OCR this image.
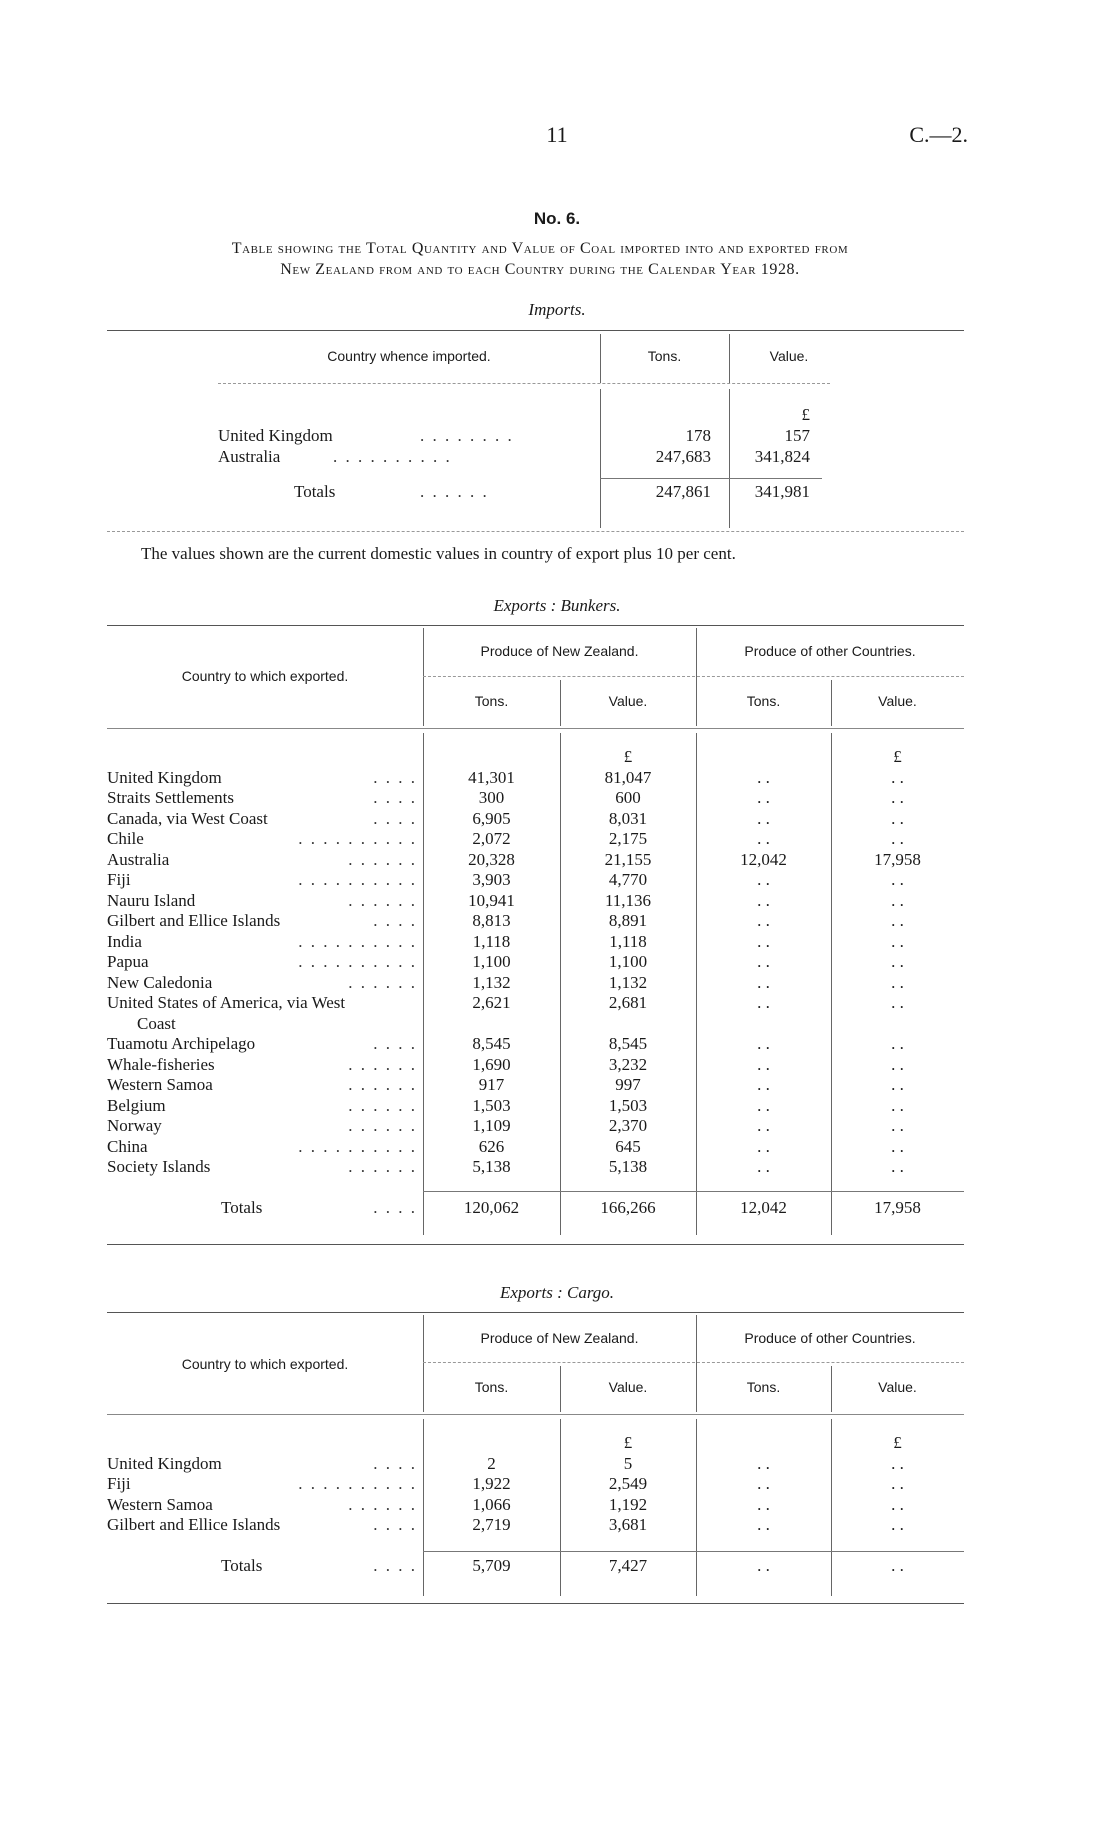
11	C.—2.
No. 6.
Table showing the Total Quantity and Value of Coal imported into and exported from
New Zealand from and to each Country during the Calendar Year 1928.
Imports.
Country whence imported.	Tons.	Value.
		£
United Kingdom . . . . . . . .	178	157
Australia . . . . . . . . . .	247,683	341,824

Totals . . . . . .	247,861	341,981
The values shown are the current domestic values in country of export plus 10 per cent.
Exports : Bunkers.
Country to which exported.
Produce of New Zealand.	Produce of other Countries.
Tons.	Value.	Tons.	Value.
		£		£
United Kingdom . . . .	41,301	81,047	. .	. .
Straits Settlements . . . .	300	600	. .	. .
Canada, via West Coast . . . .	6,905	8,031	. .	. .
Chile . . . . . . . . . .	2,072	2,175	. .	. .
Australia . . . . . .	20,328	21,155	12,042	17,958
Fiji . . . . . . . . . .	3,903	4,770	. .	. .
Nauru Island . . . . . .	10,941	11,136	. .	. .
Gilbert and Ellice Islands . . . .	8,813	8,891	. .	. .
India . . . . . . . . . .	1,118	1,118	. .	. .
Papua . . . . . . . . . .	1,100	1,100	. .	. .
New Caledonia . . . . . .	1,132	1,132	. .	. .
United States of America, via West	2,621	2,681	. .	. .
Coast				
Tuamotu Archipelago . . . .	8,545	8,545	. .	. .
Whale-fisheries . . . . . .	1,690	3,232	. .	. .
Western Samoa . . . . . .	917	997	. .	. .
Belgium . . . . . .	1,503	1,503	. .	. .
Norway . . . . . .	1,109	2,370	. .	. .
China . . . . . . . . . .	626	645	. .	. .
Society Islands . . . . . .	5,138	5,138	. .	. .

Totals . . . .	120,062	166,266	12,042	17,958
Exports : Cargo.
Country to which exported.
Produce of New Zealand.	Produce of other Countries.
Tons.	Value.	Tons.	Value.
		£		£
United Kingdom . . . .	2	5	. .	. .
Fiji . . . . . . . . . .	1,922	2,549	. .	. .
Western Samoa . . . . . .	1,066	1,192	. .	. .
Gilbert and Ellice Islands . . . .	2,719	3,681	. .	. .

Totals . . . .	5,709	7,427	. .	. .
